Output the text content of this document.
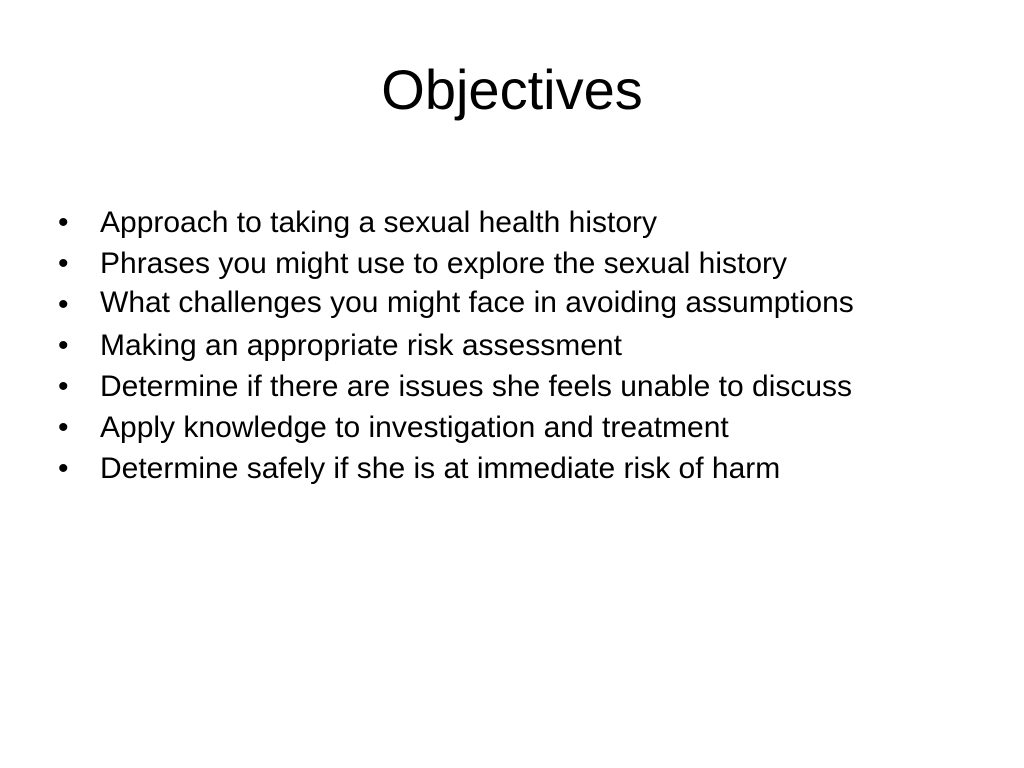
Objectives
•	Approach to taking a sexual health history
•	Phrases you might use to explore the sexual history
•	What challenges you might face in avoiding assumptions
•	Making an appropriate risk assessment
•	Determine if there are issues she feels unable to discuss
•	Apply knowledge to investigation and treatment
•	Determine safely if she is at immediate risk of harm
